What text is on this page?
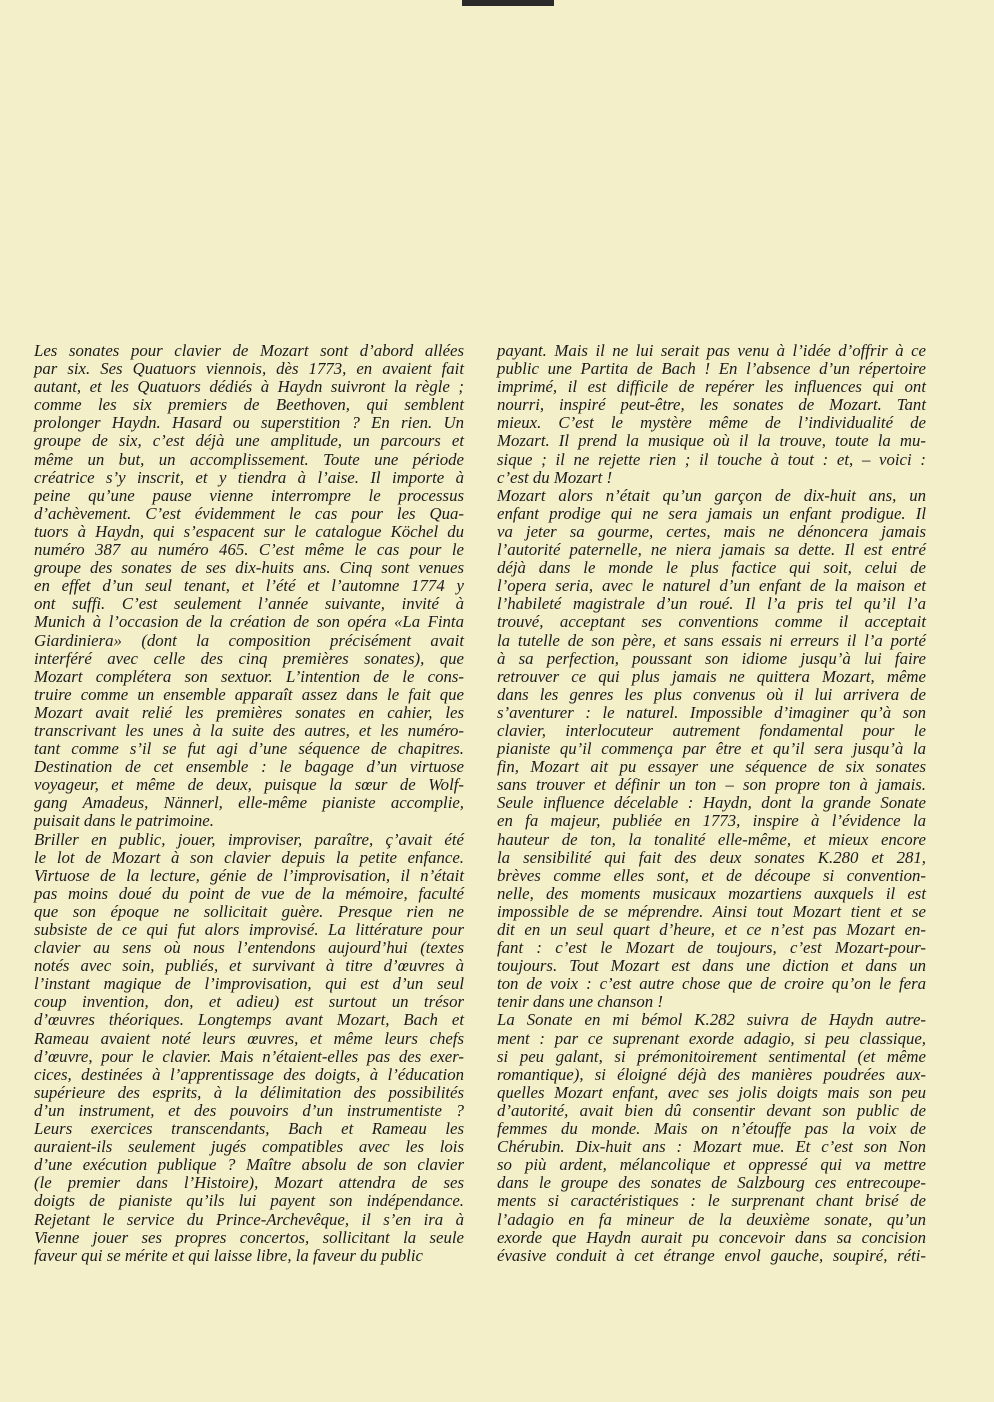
Les sonates pour clavier de Mozart sont d’abord allées
par six. Ses Quatuors viennois, dès 1773, en avaient fait
autant, et les Quatuors dédiés à Haydn suivront la règle ;
comme les six premiers de Beethoven, qui semblent
prolonger Haydn. Hasard ou superstition ? En rien. Un
groupe de six, c’est déjà une amplitude, un parcours et
même un but, un accomplissement. Toute une période
créatrice s’y inscrit, et y tiendra à l’aise. Il importe à
peine qu’une pause vienne interrompre le processus
d’achèvement. C’est évidemment le cas pour les Qua-
tuors à Haydn, qui s’espacent sur le catalogue Köchel du
numéro 387 au numéro 465. C’est même le cas pour le
groupe des sonates de ses dix-huits ans. Cinq sont venues
en effet d’un seul tenant, et l’été et l’automne 1774 y
ont suffi. C’est seulement l’année suivante, invité à
Munich à l’occasion de la création de son opéra «La Finta
Giardiniera» (dont la composition précisément avait
interféré avec celle des cinq premières sonates), que
Mozart complétera son sextuor. L’intention de le cons-
truire comme un ensemble apparaît assez dans le fait que
Mozart avait relié les premières sonates en cahier, les
transcrivant les unes à la suite des autres, et les numéro-
tant comme s’il se fut agi d’une séquence de chapitres.
Destination de cet ensemble : le bagage d’un virtuose
voyageur, et même de deux, puisque la sœur de Wolf-
gang Amadeus, Nännerl, elle-même pianiste accomplie,
puisait dans le patrimoine.
Briller en public, jouer, improviser, paraître, ç’avait été
le lot de Mozart à son clavier depuis la petite enfance.
Virtuose de la lecture, génie de l’improvisation, il n’était
pas moins doué du point de vue de la mémoire, faculté
que son époque ne sollicitait guère. Presque rien ne
subsiste de ce qui fut alors improvisé. La littérature pour
clavier au sens où nous l’entendons aujourd’hui (textes
notés avec soin, publiés, et survivant à titre d’œuvres à
l’instant magique de l’improvisation, qui est d’un seul
coup invention, don, et adieu) est surtout un trésor
d’œuvres théoriques. Longtemps avant Mozart, Bach et
Rameau avaient noté leurs œuvres, et même leurs chefs
d’œuvre, pour le clavier. Mais n’étaient-elles pas des exer-
cices, destinées à l’apprentissage des doigts, à l’éducation
supérieure des esprits, à la délimitation des possibilités
d’un instrument, et des pouvoirs d’un instrumentiste ?
Leurs exercices transcendants, Bach et Rameau les
auraient-ils seulement jugés compatibles avec les lois
d’une exécution publique ? Maître absolu de son clavier
(le premier dans l’Histoire), Mozart attendra de ses
doigts de pianiste qu’ils lui payent son indépendance.
Rejetant le service du Prince-Archevêque, il s’en ira à
Vienne jouer ses propres concertos, sollicitant la seule
faveur qui se mérite et qui laisse libre, la faveur du public
payant. Mais il ne lui serait pas venu à l’idée d’offrir à ce
public une Partita de Bach ! En l’absence d’un répertoire
imprimé, il est difficile de repérer les influences qui ont
nourri, inspiré peut-être, les sonates de Mozart. Tant
mieux. C’est le mystère même de l’individualité de
Mozart. Il prend la musique où il la trouve, toute la mu-
sique ; il ne rejette rien ; il touche à tout : et, – voici :
c’est du Mozart !
Mozart alors n’était qu’un garçon de dix-huit ans, un
enfant prodige qui ne sera jamais un enfant prodigue. Il
va jeter sa gourme, certes, mais ne dénoncera jamais
l’autorité paternelle, ne niera jamais sa dette. Il est entré
déjà dans le monde le plus factice qui soit, celui de
l’opera seria, avec le naturel d’un enfant de la maison et
l’habileté magistrale d’un roué. Il l’a pris tel qu’il l’a
trouvé, acceptant ses conventions comme il acceptait
la tutelle de son père, et sans essais ni erreurs il l’a porté
à sa perfection, poussant son idiome jusqu’à lui faire
retrouver ce qui plus jamais ne quittera Mozart, même
dans les genres les plus convenus où il lui arrivera de
s’aventurer : le naturel. Impossible d’imaginer qu’à son
clavier, interlocuteur autrement fondamental pour le
pianiste qu’il commença par être et qu’il sera jusqu’à la
fin, Mozart ait pu essayer une séquence de six sonates
sans trouver et définir un ton – son propre ton à jamais.
Seule influence décelable : Haydn, dont la grande Sonate
en fa majeur, publiée en 1773, inspire à l’évidence la
hauteur de ton, la tonalité elle-même, et mieux encore
la sensibilité qui fait des deux sonates K.280 et 281,
brèves comme elles sont, et de découpe si convention-
nelle, des moments musicaux mozartiens auxquels il est
impossible de se méprendre. Ainsi tout Mozart tient et se
dit en un seul quart d’heure, et ce n’est pas Mozart en-
fant : c’est le Mozart de toujours, c’est Mozart-pour-
toujours. Tout Mozart est dans une diction et dans un
ton de voix : c’est autre chose que de croire qu’on le fera
tenir dans une chanson !
La Sonate en mi bémol K.282 suivra de Haydn autre-
ment : par ce suprenant exorde adagio, si peu classique,
si peu galant, si prémonitoirement sentimental (et même
romantique), si éloigné déjà des manières poudrées aux-
quelles Mozart enfant, avec ses jolis doigts mais son peu
d’autorité, avait bien dû consentir devant son public de
femmes du monde. Mais on n’étouffe pas la voix de
Chérubin. Dix-huit ans : Mozart mue. Et c’est son Non
so più ardent, mélancolique et oppressé qui va mettre
dans le groupe des sonates de Salzbourg ces entrecoupe-
ments si caractéristiques : le surprenant chant brisé de
l’adagio en fa mineur de la deuxième sonate, qu’un
exorde que Haydn aurait pu concevoir dans sa concision
évasive conduit à cet étrange envol gauche, soupiré, réti-
